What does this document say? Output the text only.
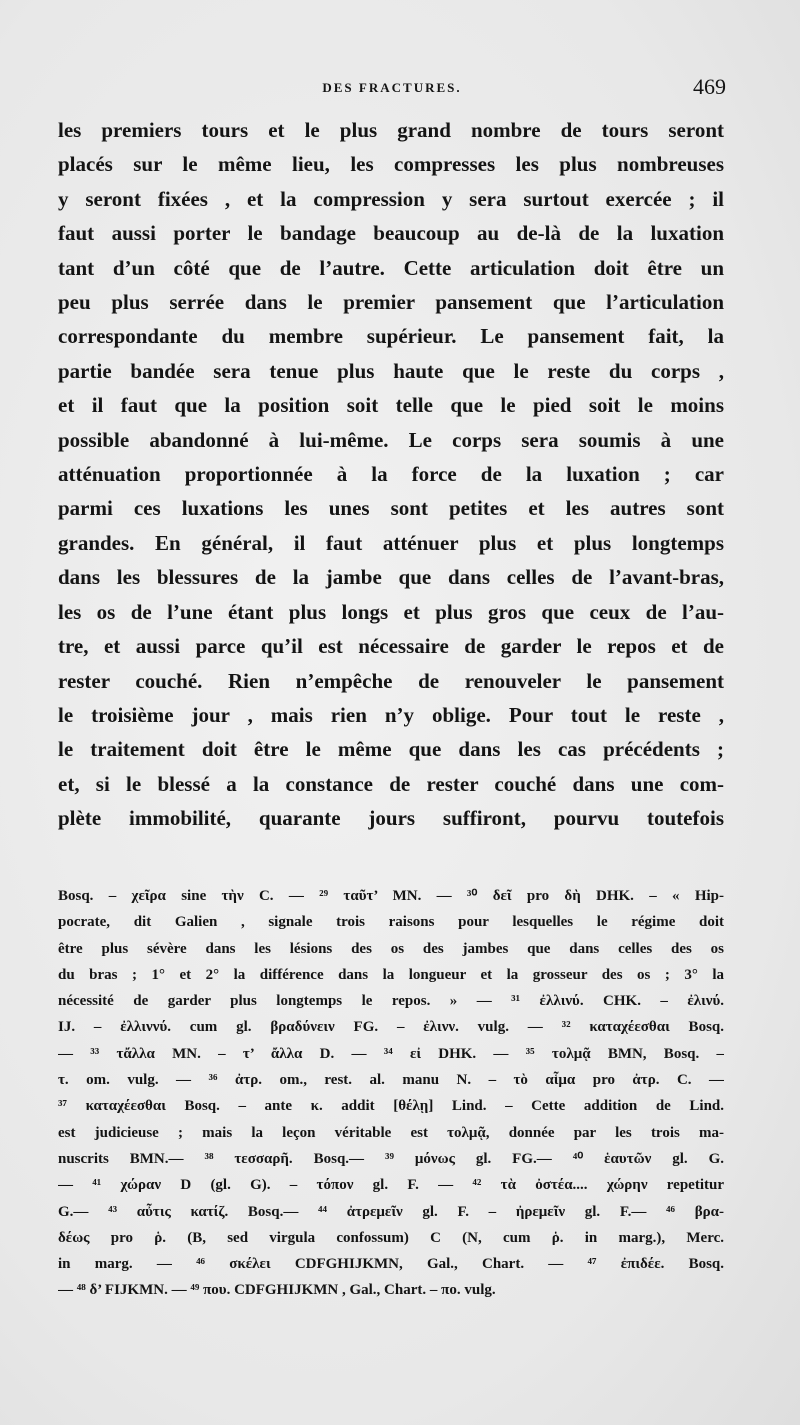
DES FRACTURES.	469
les premiers tours et le plus grand nombre de tours seront
placés sur le même lieu, les compresses les plus nombreuses
y seront fixées , et la compression y sera surtout exercée ; il
faut aussi porter le bandage beaucoup au de-là de la luxation
tant d’un côté que de l’autre. Cette articulation doit être un
peu plus serrée dans le premier pansement que l’articulation
correspondante du membre supérieur. Le pansement fait, la
partie bandée sera tenue plus haute que le reste du corps ,
et il faut que la position soit telle que le pied soit le moins
possible abandonné à lui-même. Le corps sera soumis à une
atténuation proportionnée à la force de la luxation ; car
parmi ces luxations les unes sont petites et les autres sont
grandes. En général, il faut atténuer plus et plus longtemps
dans les blessures de la jambe que dans celles de l’avant-bras,
les os de l’une étant plus longs et plus gros que ceux de l’au-
tre, et aussi parce qu’il est nécessaire de garder le repos et de
rester couché. Rien n’empêche de renouveler le pansement
le troisième jour , mais rien n’y oblige. Pour tout le reste ,
le traitement doit être le même que dans les cas précédents ;
et, si le blessé a la constance de rester couché dans une com-
plète immobilité, quarante jours suffiront, pourvu toutefois
Bosq. – χεῖρα sine τὴν C. — ²⁹ ταῦτ’ MN. — ³⁰ δεῖ pro δὴ DHK. – « Hip-
pocrate, dit Galien , signale trois raisons pour lesquelles le régime doit
être plus sévère dans les lésions des os des jambes que dans celles des os
du bras ; 1° et 2° la différence dans la longueur et la grosseur des os ; 3° la
nécessité de garder plus longtemps le repos. » — ³¹ ἐλλινύ. CHK. – ἐλινύ.
IJ. – ἐλλιννύ. cum gl. βραδύνειν FG. – ἐλινν. vulg. — ³² καταχέεσθαι Bosq.
— ³³ τἄλλα MN. – τ’ ἄλλα D. — ³⁴ εἰ DHK. — ³⁵ τολμᾷ BMN, Bosq. –
τ. om. vulg. — ³⁶ ἀτρ. om., rest. al. manu N. – τὸ αἷμα pro ἀτρ. C. —
³⁷ καταχέεσθαι Bosq. – ante κ. addit [θέλῃ] Lind. – Cette addition de Lind.
est judicieuse ; mais la leçon véritable est τολμᾷ, donnée par les trois ma-
nuscrits BMN.— ³⁸ τεσσαρῆ. Bosq.— ³⁹ μόνως gl. FG.— ⁴⁰ ἑαυτῶν gl. G.
— ⁴¹ χώραν D (gl. G). – τόπον gl. F. — ⁴² τὰ ὀστέα.... χώρην repetitur
G.— ⁴³ αὖτις κατίζ. Bosq.— ⁴⁴ ἀτρεμεῖν gl. F. – ἠρεμεῖν gl. F.— ⁴⁶ βρα-
δέως pro ῥ. (B, sed virgula confossum) C (N, cum ῥ. in marg.), Merc.
in marg. — ⁴⁶ σκέλει CDFGHIJKMN, Gal., Chart. — ⁴⁷ ἐπιδέε. Bosq.
— ⁴⁸ δ’ FIJKMN. — ⁴⁹ που. CDFGHIJKMN , Gal., Chart. – πο. vulg.
